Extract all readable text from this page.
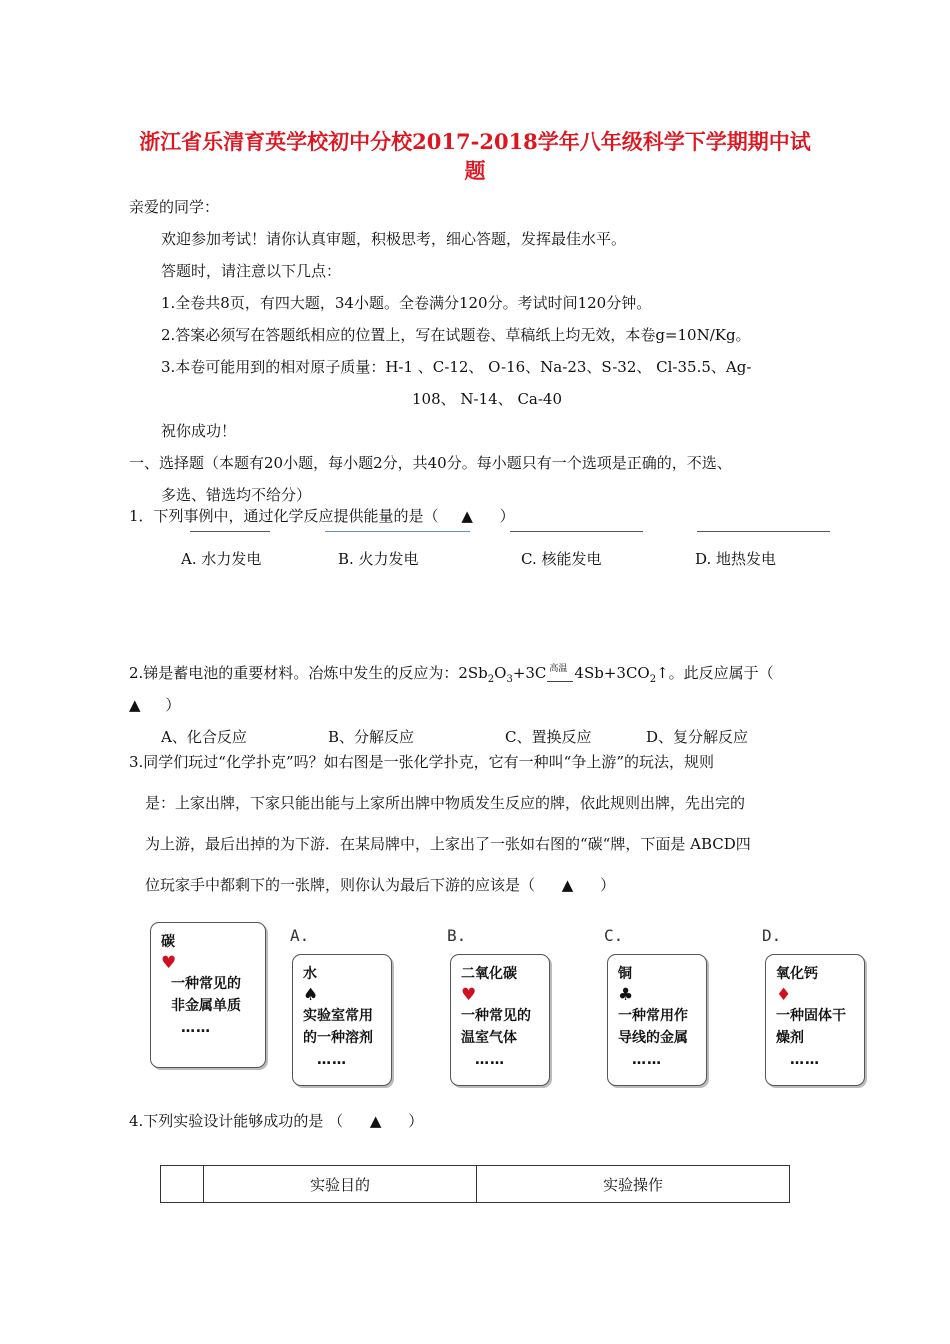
浙江省乐清育英学校初中分校2017-2018学年八年级科学下学期期中试
题
亲爱的同学：
欢迎参加考试！请你认真审题，积极思考，细心答题，发挥最佳水平。
答题时，请注意以下几点：
1.全卷共8页，有四大题，34小题。全卷满分120分。考试时间120分钟。
2.答案必须写在答题纸相应的位置上，写在试题卷、草稿纸上均无效，本卷g=10N/Kg。
3.本卷可能用到的相对原子质量：H-1 、C-12、 O-16、Na-23、S-32、 Cl-35.5、Ag-
108、 N-14、 Ca-40
祝你成功！
一、选择题（本题有20小题，每小题2分，共40分。每小题只有一个选项是正确的，不选、
多选、错选均不给分）
1．下列事例中，通过化学反应提供能量的是（ ▲ ）
A. 水力发电	B. 火力发电	C. 核能发电	D. 地热发电
2.锑是蓄电池的重要材料。冶炼中发生的反应为：$2Sb_2O_3+3C$ 高温 $4Sb+3CO_2↑$。此反应属于（
▲ ）
A、化合反应	B、分解反应	C、置换反应	D、复分解反应
3.同学们玩过“化学扑克”吗？如右图是一张化学扑克，它有一种叫“争上游”的玩法，规则
是：上家出牌，下家只能出能与上家所出牌中物质发生反应的牌，依此规则出牌，先出完的
为上游，最后出掉的为下游．在某局牌中，上家出了一张如右图的“碳“牌，下面是 ABCD四
位玩家手中都剩下的一张牌，则你认为最后下游的应该是（ ▲ ）
碳
♥
一种常见的
非金属单质
……
A.
水
♠
实验室常用
的一种溶剂
……
B.
二氧化碳
♥
一种常见的
温室气体
……
C.
铜
♣
一种常用作
导线的金属
……
D.
氧化钙
♦
一种固体干
燥剂
……
4.下列实验设计能够成功的是 （ ▲ ）
	实验目的	实验操作
